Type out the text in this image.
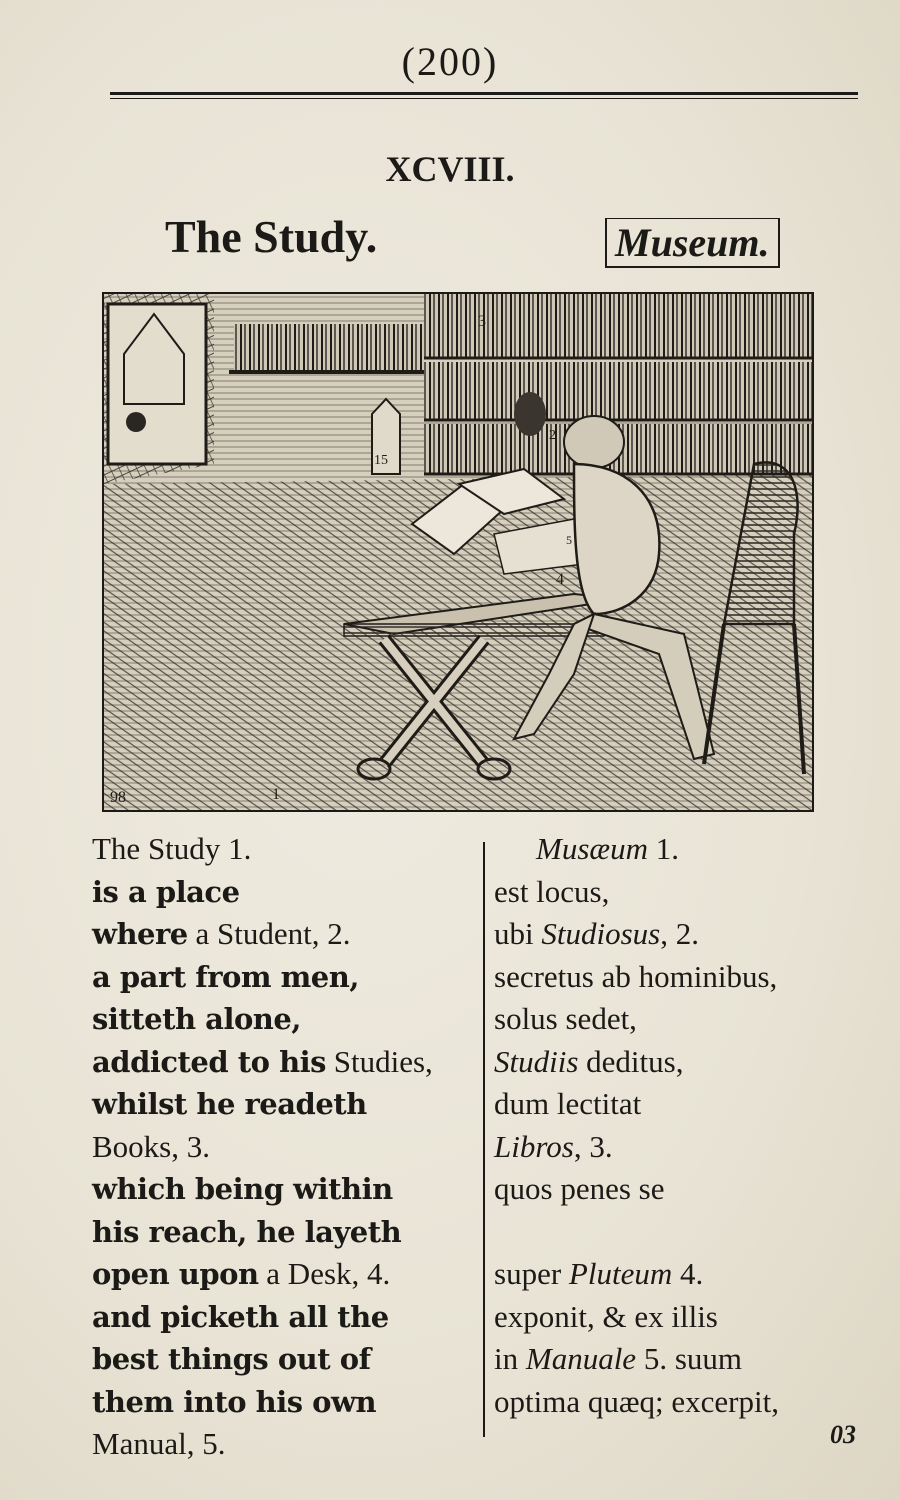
(200)
XCVIII.
The Study.	Museum.
3
2
4
5
15
1
98
The Study 1.
is a place
where a Student, 2.
a part from men,
sitteth alone,
addicted to his Studies,
whilst he readeth
Books, 3.
which being within
his reach, he layeth
open upon a Desk, 4.
and picketh all the
best things out of
them into his own
Manual, 5.
Musæum 1.
est locus,
ubi Studiosus, 2.
secretus ab hominibus,
solus sedet,
Studiis deditus,
dum lectitat
Libros, 3.
quos penes se
super Pluteum 4.
exponit, & ex illis
in Manuale 5. suum
optima quæq; excerpit,
03
